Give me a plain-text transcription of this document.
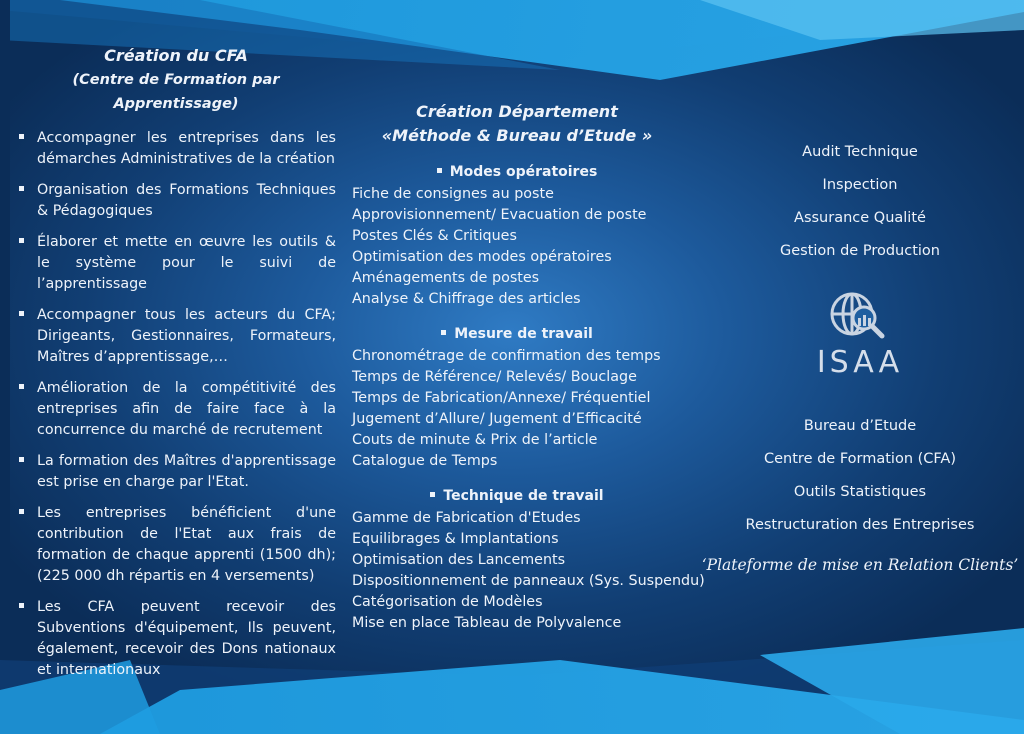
Création du CFA
(Centre de Formation par Apprentissage)
Accompagner les entreprises dans les démarches Administratives de la création
Organisation des Formations Techniques & Pédagogiques
Élaborer et mette en œuvre les outils & le système pour le suivi de l’apprentissage
Accompagner tous les acteurs du CFA; Dirigeants, Gestionnaires, Formateurs, Maîtres d’apprentissage,…
Amélioration de la compétitivité des entreprises afin de faire face à la concurrence du marché de recrutement
La formation des Maîtres d'apprentissage est prise en charge par l'Etat.
Les entreprises bénéficient d'une contribution de l'Etat aux frais de formation de chaque apprenti (1500 dh); (225 000 dh répartis en 4 versements)
Les CFA peuvent recevoir des Subventions d'équipement, Ils peuvent, également, recevoir des Dons nationaux et internationaux
Création Département
«Méthode & Bureau d’Etude »
Modes opératoires
Fiche de consignes au poste
Approvisionnement/ Evacuation de poste
Postes Clés & Critiques
Optimisation des modes opératoires
Aménagements de postes
Analyse & Chiffrage des articles
Mesure de travail
Chronométrage de confirmation des temps
Temps de Référence/ Relevés/ Bouclage
Temps de Fabrication/Annexe/ Fréquentiel
Jugement d’Allure/ Jugement d’Efficacité
Couts de minute & Prix de l’article
Catalogue de Temps
Technique de travail
Gamme de Fabrication d'Etudes
Equilibrages & Implantations
Optimisation des Lancements
Dispositionnement de panneaux (Sys. Suspendu)
Catégorisation de Modèles
Mise en place Tableau de Polyvalence
Audit Technique
Inspection
Assurance Qualité
Gestion de Production
ISAA
Bureau d’Etude
Centre de Formation (CFA)
Outils Statistiques
Restructuration des Entreprises
‘Plateforme de mise en Relation Clients’
